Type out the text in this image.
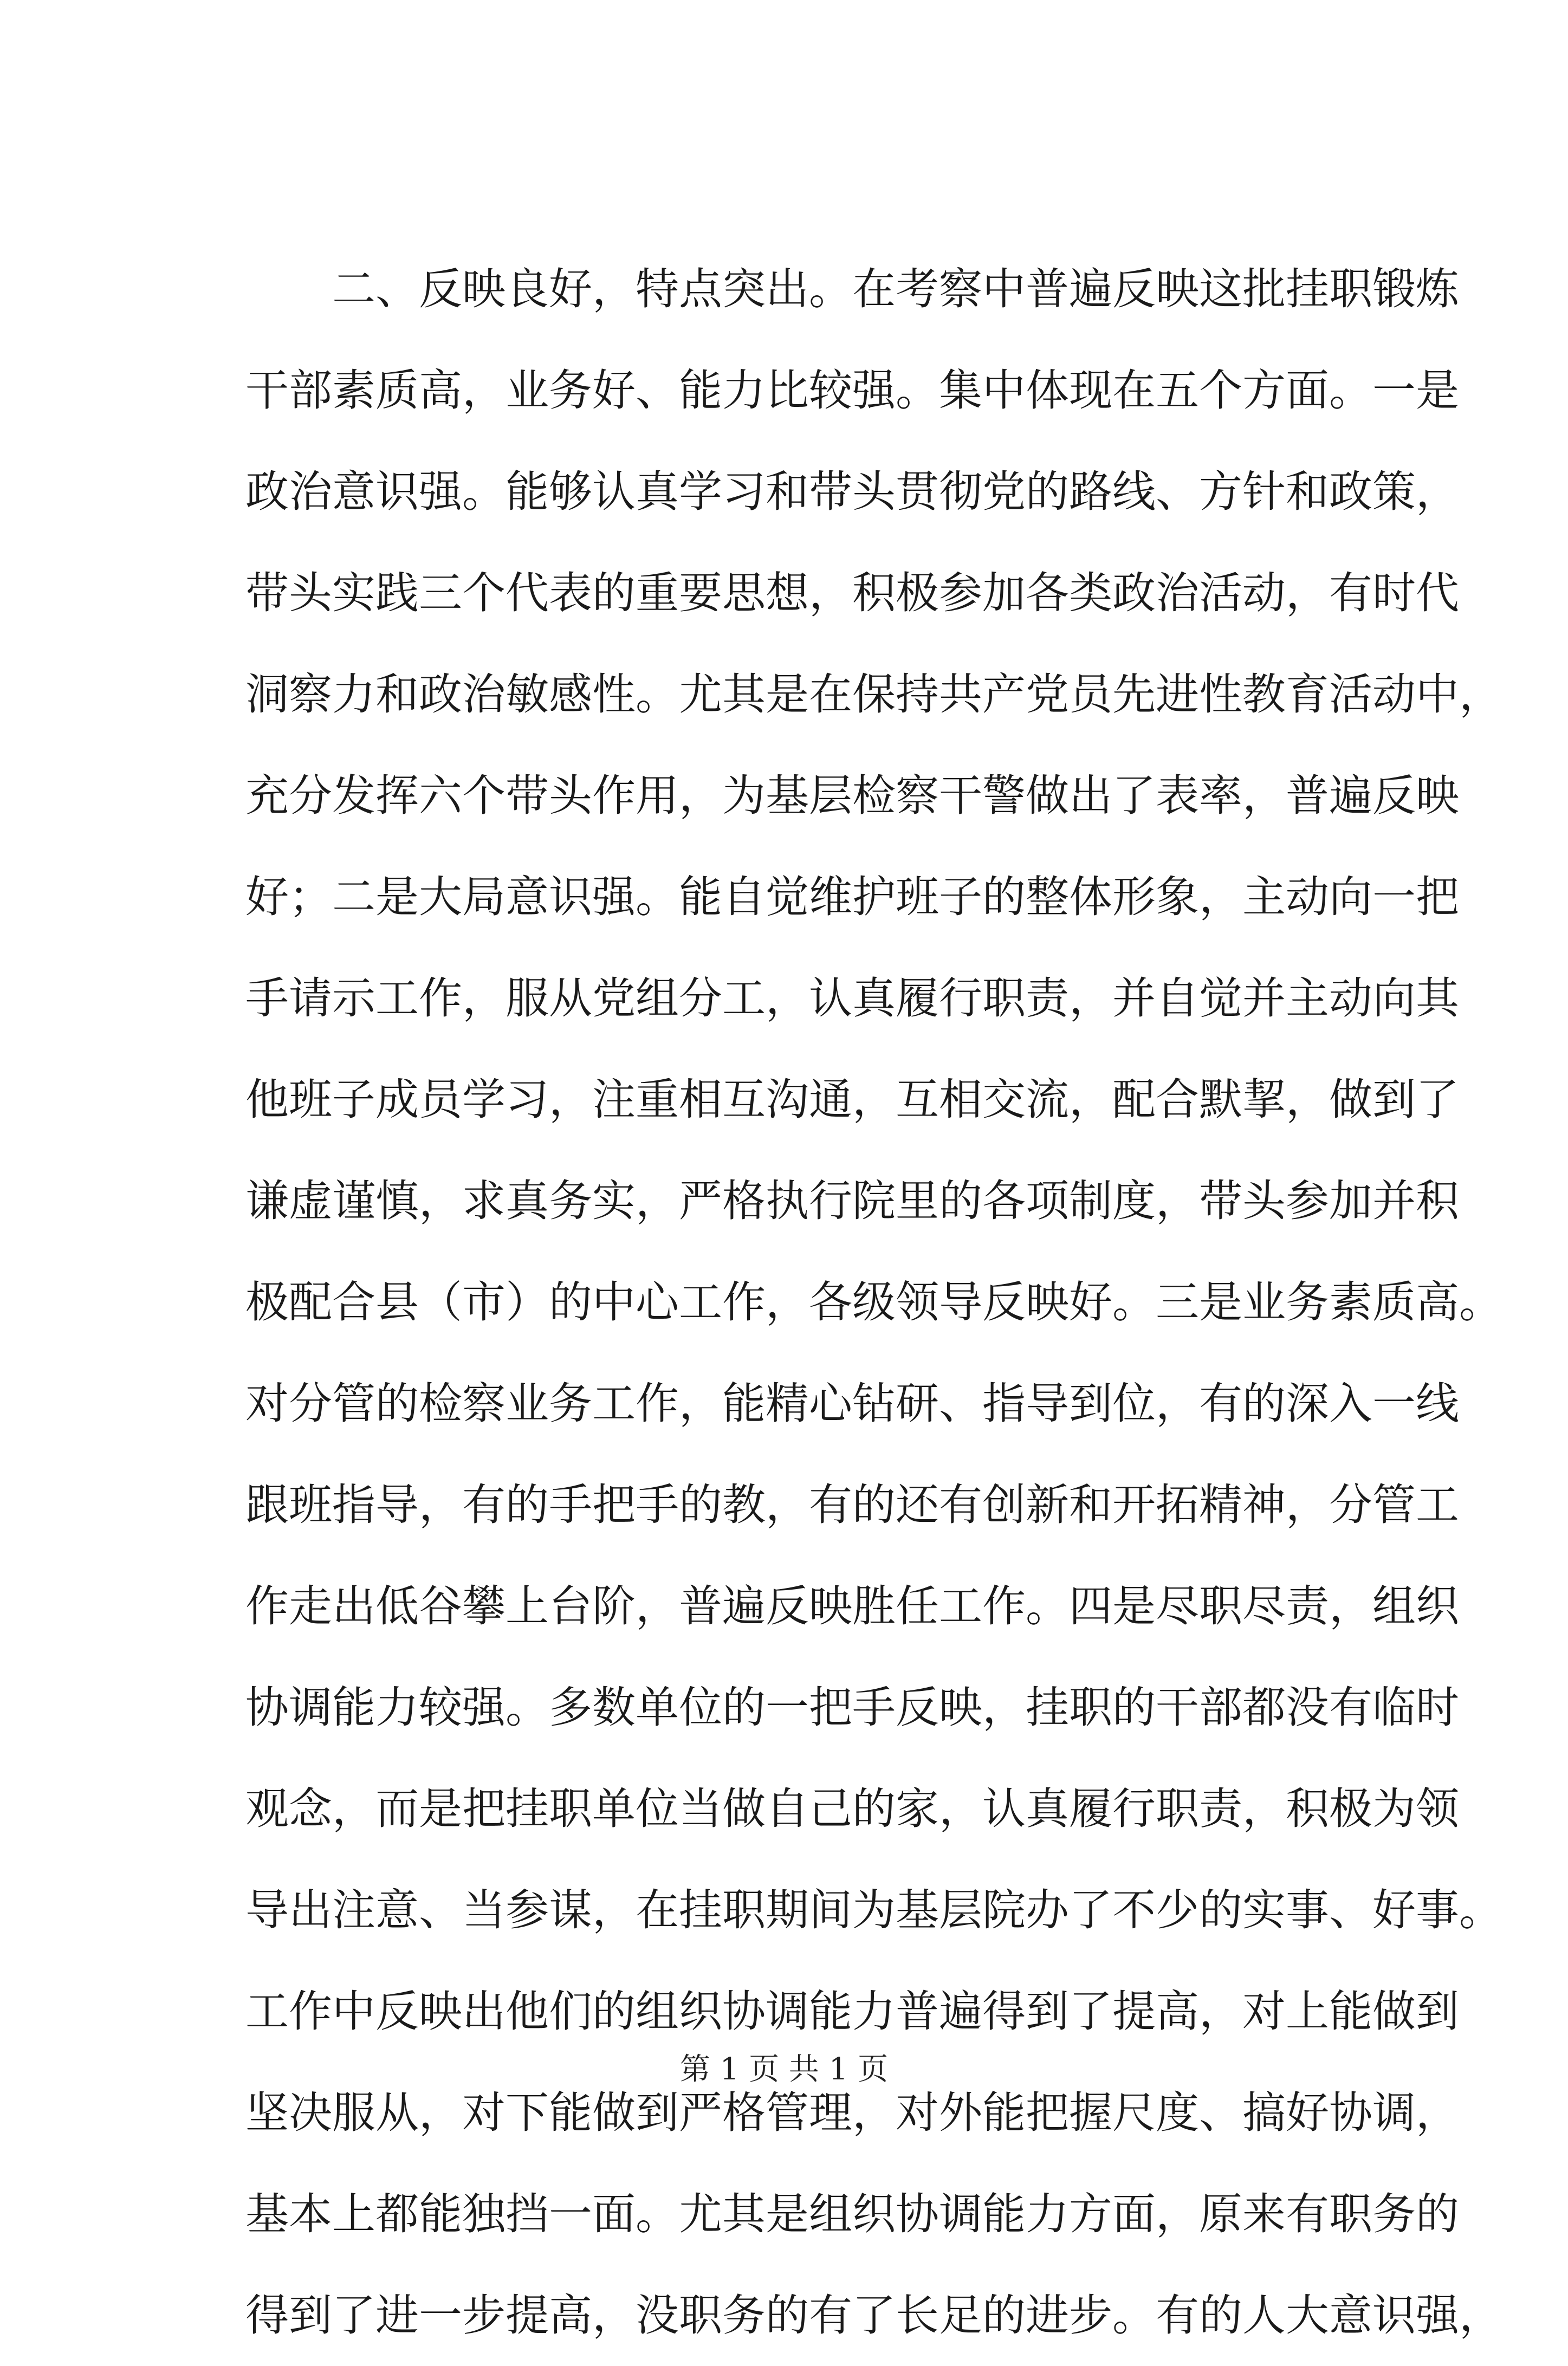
二、反映良好，特点突出。在考察中普遍反映这批挂职锻炼
干部素质高，业务好、能力比较强。集中体现在五个方面。一是
政治意识强。能够认真学习和带头贯彻党的路线、方针和政策，
带头实践三个代表的重要思想，积极参加各类政治活动，有时代
洞察力和政治敏感性。尤其是在保持共产党员先进性教育活动中，
充分发挥六个带头作用，为基层检察干警做出了表率，普遍反映
好；二是大局意识强。能自觉维护班子的整体形象，主动向一把
手请示工作，服从党组分工，认真履行职责，并自觉并主动向其
他班子成员学习，注重相互沟通，互相交流，配合默挈，做到了
谦虚谨慎，求真务实，严格执行院里的各项制度，带头参加并积
极配合县（市）的中心工作，各级领导反映好。三是业务素质高。
对分管的检察业务工作，能精心钻研、指导到位，有的深入一线
跟班指导，有的手把手的教，有的还有创新和开拓精神，分管工
作走出低谷攀上台阶，普遍反映胜任工作。四是尽职尽责，组织
协调能力较强。多数单位的一把手反映，挂职的干部都没有临时
观念，而是把挂职单位当做自己的家，认真履行职责，积极为领
导出注意、当参谋，在挂职期间为基层院办了不少的实事、好事。
工作中反映出他们的组织协调能力普遍得到了提高，对上能做到
坚决服从，对下能做到严格管理，对外能把握尺度、搞好协调，
基本上都能独挡一面。尤其是组织协调能力方面，原来有职务的
得到了进一步提高，没职务的有了长足的进步。有的人大意识强，
第 1 页 共 1 页
